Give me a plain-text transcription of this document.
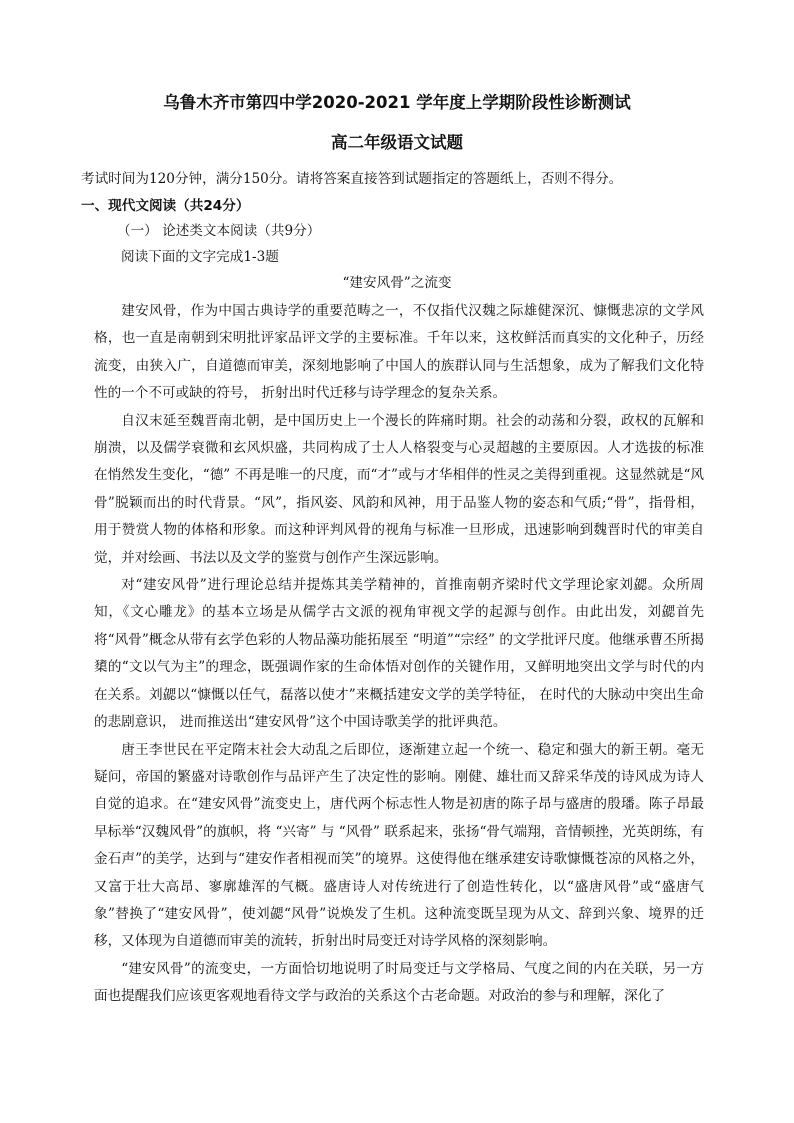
乌鲁木齐市第四中学2020-2021 学年度上学期阶段性诊断测试
高二年级语文试题
考试时间为120分钟，满分150分。请将答案直接答到试题指定的答题纸上，否则不得分。
一、现代文阅读（共24分）
（一） 论述类文本阅读（共9分）
阅读下面的文字完成1-3题
“建安风骨”之流变

建安风骨，作为中国古典诗学的重要范畴之一，不仅指代汉魏之际雄健深沉、慷慨悲凉的文学风格，也一直是南朝到宋明批评家品评文学的主要标准。千年以来，这枚鲜活而真实的文化种子，历经流变，由狭入广，自道德而审美，深刻地影响了中国人的族群认同与生活想象，成为了解我们文化特性的一个不可或缺的符号， 折射出时代迁移与诗学理念的复杂关系。

自汉末延至魏晋南北朝，是中国历史上一个漫长的阵痛时期。社会的动荡和分裂，政权的瓦解和崩溃，以及儒学衰微和玄风炽盛，共同构成了士人人格裂变与心灵超越的主要原因。人才选拔的标准在悄然发生变化，“德” 不再是唯一的尺度，而“才”或与才华相伴的性灵之美得到重视。这显然就是“风骨”脱颖而出的时代背景。“风”，指风姿、风韵和风神，用于品鉴人物的姿态和气质;“骨”，指骨相，用于赞赏人物的体格和形象。而这种评判风骨的视角与标准一旦形成，迅速影响到魏晋时代的审美自觉，并对绘画、书法以及文学的鉴赏与创作产生深远影响。

对“建安风骨”进行理论总结并提炼其美学精神的，首推南朝齐梁时代文学理论家刘勰。众所周知，《文心雕龙》的基本立场是从儒学古文派的视角审视文学的起源与创作。由此出发，刘勰首先将“风骨”概念从带有玄学色彩的人物品藻功能拓展至 “明道”“宗经” 的文学批评尺度。他继承曹丕所揭橥的“文以气为主”的理念，既强调作家的生命体悟对创作的关键作用，又鲜明地突出文学与时代的内在关系。刘勰以“慷慨以任气，磊落以使才”来概括建安文学的美学特征， 在时代的大脉动中突出生命的悲剧意识， 进而推送出“建安风骨”这个中国诗歌美学的批评典范。

唐王李世民在平定隋末社会大动乱之后即位，逐渐建立起一个统一、稳定和强大的新王朝。毫无疑问，帝国的繁盛对诗歌创作与品评产生了决定性的影响。刚健、雄壮而又辞采华茂的诗风成为诗人自觉的追求。在“建安风骨”流变史上，唐代两个标志性人物是初唐的陈子昂与盛唐的殷璠。陈子昂最早标举“汉魏风骨”的旗帜，将 “兴寄” 与 “风骨” 联系起来，张扬“骨气端翔，音情顿挫，光英朗练，有金石声”的美学，达到与“建安作者相视而笑”的境界。这使得他在继承建安诗歌慷慨苍凉的风格之外，又富于壮大高昂、寥廓雄浑的气概。盛唐诗人对传统进行了创造性转化，以“盛唐风骨”或“盛唐气象”替换了“建安风骨”，使刘勰“风骨”说焕发了生机。这种流变既呈现为从文、辞到兴象、境界的迁移，又体现为自道德而审美的流转，折射出时局变迁对诗学风格的深刻影响。

“建安风骨”的流变史，一方面恰切地说明了时局变迁与文学格局、气度之间的内在关联，另一方面也提醒我们应该更客观地看待文学与政治的关系这个古老命题。对政治的参与和理解，深化了
